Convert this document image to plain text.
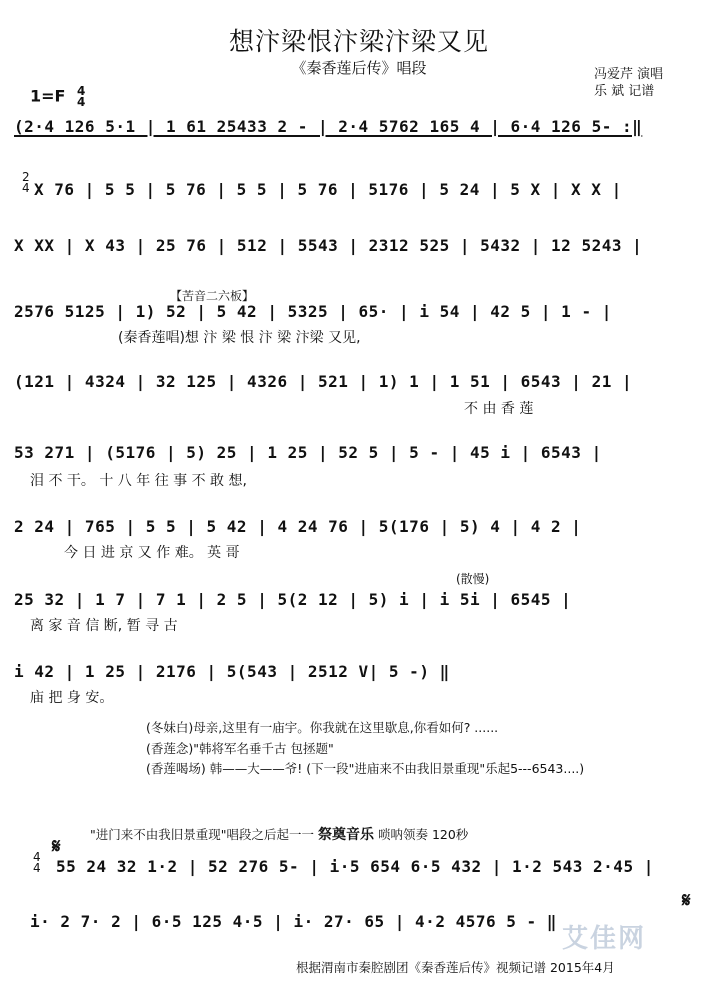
想汴梁恨汴梁汴梁又见
《秦香莲后传》唱段	冯爱芹 演唱
乐 斌 记谱
1=F 4
4
(2·4 126 5·1 | 1 61 25433 2 - | 2·4 5762 165 4 | 6·4 126 5- :‖
2
4 X 76 | 5 5 | 5 76 | 5 5 | 5 76 | 5176 | 5 24 | 5 X | X X |
X XX | X 43 | 25 76 | 512 | 5543 | 2312 525 | 5432 | 12 5243 |
【苦音二六板】
2576 5125 | 1) 52 | 5 42 | 5325 | 65· | i 54 | 42 5 | 1 - |
(秦香莲唱)想 汴 梁 恨 汴 梁 汴梁 又见,
(121 | 4324 | 32 125 | 4326 | 521 | 1) 1 | 1 51 | 6543 | 21 |
不 由 香 莲
53 271 | (5176 | 5) 25 | 1 25 | 52 5 | 5 - | 45 i | 6543 |
泪 不 干。 十 八 年 往 事 不 敢 想,
2 24 | 765 | 5 5 | 5 42 | 4 24 76 | 5(176 | 5) 4 | 4 2 |
今 日 进 京 又 作 难。 英 哥
(散慢)
25 32 | 1 7 | 7 1 | 2 5 | 5(2 12 | 5) i | i 5i | 6545 |
离 家 音 信 断, 暂 寻 古
i 42 | 1 25 | 2176 | 5(543 | 2512 V| 5 -) ‖
庙 把 身 安。
(冬妹白)母亲,这里有一庙宇。你我就在这里歇息,你看如何? ......
(香莲念)"韩将军名垂千古 包拯题"
(香莲喝场) 韩——大——爷! (下一段"进庙来不由我旧景重现"乐起5---6543....)
"进门来不由我旧景重现"唱段之后起一一 祭奠音乐 唢呐领奏 120秒
𝄋
4
4 55 24 32 1·2 | 52 276 5- | i·5 654 6·5 432 | 1·2 543 2·45 |
i· 2 7· 2 | 6·5 125 4·5 | i· 27· 65 | 4·2 4576 5 - ‖
𝄋
艾佳网
根据渭南市秦腔剧团《秦香莲后传》视频记谱 2015年4月
